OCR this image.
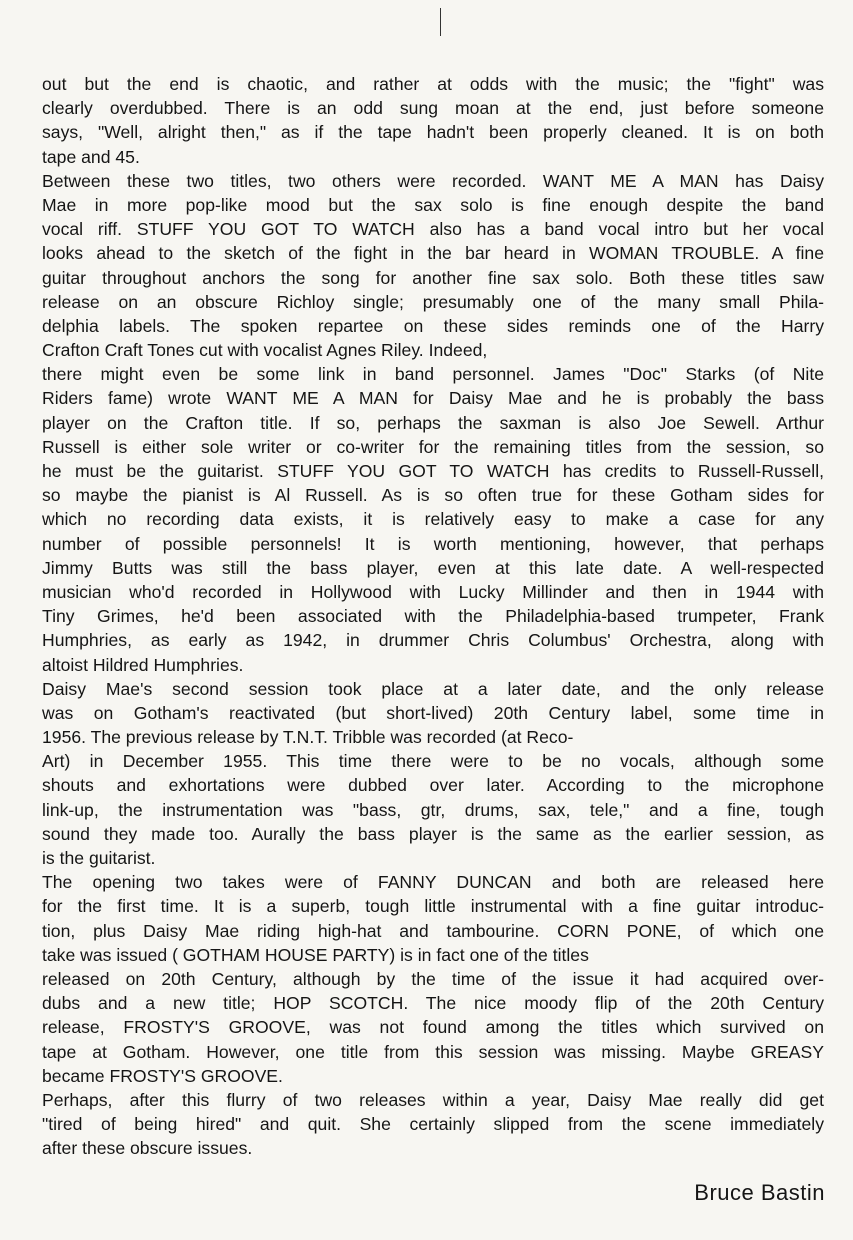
out but the end is chaotic, and rather at odds with the music; the "fight" was
clearly overdubbed. There is an odd sung moan at the end, just before someone
says, "Well, alright then," as if the tape hadn't been properly cleaned. It is on both
tape and 45.
Between these two titles, two others were recorded. WANT ME A MAN has Daisy
Mae in more pop-like mood but the sax solo is fine enough despite the band
vocal riff. STUFF YOU GOT TO WATCH also has a band vocal intro but her vocal
looks ahead to the sketch of the fight in the bar heard in WOMAN TROUBLE. A fine
guitar throughout anchors the song for another fine sax solo. Both these titles saw
release on an obscure Richloy single; presumably one of the many small Phila-
delphia labels. The spoken repartee on these sides reminds one of the Harry
Crafton Craft Tones cut with vocalist Agnes Riley. Indeed,
there might even be some link in band personnel. James "Doc" Starks (of Nite
Riders fame) wrote WANT ME A MAN for Daisy Mae and he is probably the bass
player on the Crafton title. If so, perhaps the saxman is also Joe Sewell. Arthur
Russell is either sole writer or co-writer for the remaining titles from the session, so
he must be the guitarist. STUFF YOU GOT TO WATCH has credits to Russell-Russell,
so maybe the pianist is Al Russell. As is so often true for these Gotham sides for
which no recording data exists, it is relatively easy to make a case for any
number of possible personnels! It is worth mentioning, however, that perhaps
Jimmy Butts was still the bass player, even at this late date. A well-respected
musician who'd recorded in Hollywood with Lucky Millinder and then in 1944 with
Tiny Grimes, he'd been associated with the Philadelphia-based trumpeter, Frank
Humphries, as early as 1942, in drummer Chris Columbus' Orchestra, along with
altoist Hildred Humphries.
Daisy Mae's second session took place at a later date, and the only release
was on Gotham's reactivated (but short-lived) 20th Century label, some time in
1956. The previous release by T.N.T. Tribble was recorded (at Reco-
Art) in December 1955. This time there were to be no vocals, although some
shouts and exhortations were dubbed over later. According to the microphone
link-up, the instrumentation was "bass, gtr, drums, sax, tele," and a fine, tough
sound they made too. Aurally the bass player is the same as the earlier session, as
is the guitarist.
The opening two takes were of FANNY DUNCAN and both are released here
for the first time. It is a superb, tough little instrumental with a fine guitar introduc-
tion, plus Daisy Mae riding high-hat and tambourine. CORN PONE, of which one
take was issued ( GOTHAM HOUSE PARTY) is in fact one of the titles
released on 20th Century, although by the time of the issue it had acquired over-
dubs and a new title; HOP SCOTCH. The nice moody flip of the 20th Century
release, FROSTY'S GROOVE, was not found among the titles which survived on
tape at Gotham. However, one title from this session was missing. Maybe GREASY
became FROSTY'S GROOVE.
Perhaps, after this flurry of two releases within a year, Daisy Mae really did get
"tired of being hired" and quit. She certainly slipped from the scene immediately
after these obscure issues.
Bruce Bastin
